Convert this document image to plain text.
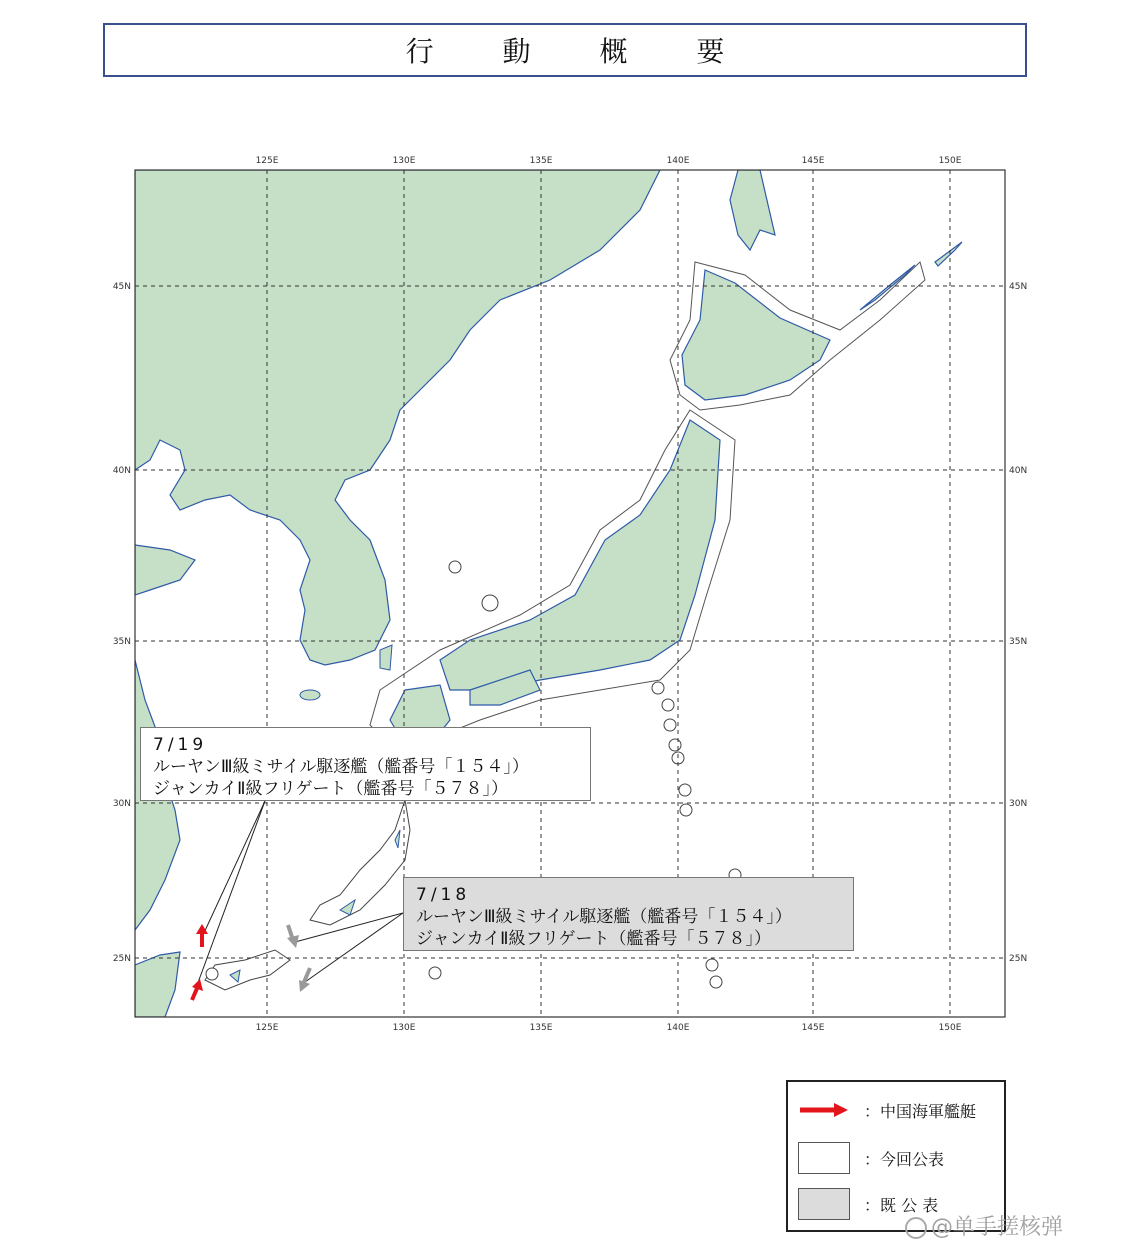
行 動 概 要
125E	130E	135E	140E	145E	150E
125E	130E	135E	140E	145E	150E
45N
40N
35N
30N
25N
45N
40N
35N
30N
25N
7/19
ルーヤンⅢ級ミサイル駆逐艦（艦番号「１５４」）
ジャンカイⅡ級フリゲート（艦番号「５７８」）
7/18
ルーヤンⅢ級ミサイル駆逐艦（艦番号「１５４」）
ジャンカイⅡ級フリゲート（艦番号「５７８」）
：中国海軍艦艇
：今回公表
：既 公 表
@单手搓核弹
